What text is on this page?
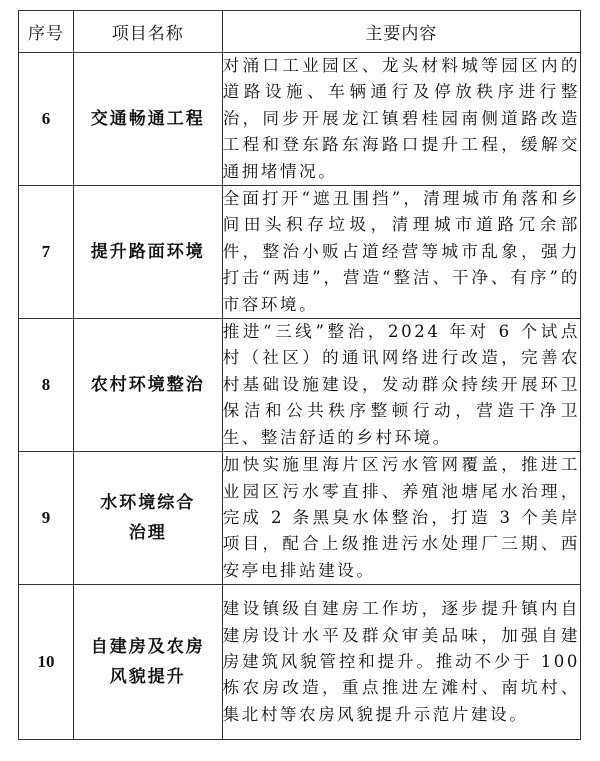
序号	项目名称	主要内容
6	交通畅通工程	对涌口工业园区、龙头材料城等园区内的道路设施、车辆通行及停放秩序进行整治，同步开展龙江镇碧桂园南侧道路改造工程和登东路东海路口提升工程，缓解交通拥堵情况。
7	提升路面环境	全面打开“遮丑围挡”，清理城市角落和乡间田头积存垃圾，清理城市道路冗余部件，整治小贩占道经营等城市乱象，强力打击“两违”，营造“整洁、干净、有序”的市容环境。
8	农村环境整治	推进“三线”整治，2024 年对 6 个试点村（社区）的通讯网络进行改造，完善农村基础设施建设，发动群众持续开展环卫保洁和公共秩序整顿行动，营造干净卫生、整洁舒适的乡村环境。
9	水环境综合治理	加快实施里海片区污水管网覆盖，推进工业园区污水零直排、养殖池塘尾水治理，完成 2 条黑臭水体整治，打造 3 个美岸项目，配合上级推进污水处理厂三期、西安亭电排站建设。
10	自建房及农房风貌提升	建设镇级自建房工作坊，逐步提升镇内自建房设计水平及群众审美品味，加强自建房建筑风貌管控和提升。推动不少于 100 栋农房改造，重点推进左滩村、南坑村、集北村等农房风貌提升示范片建设。
